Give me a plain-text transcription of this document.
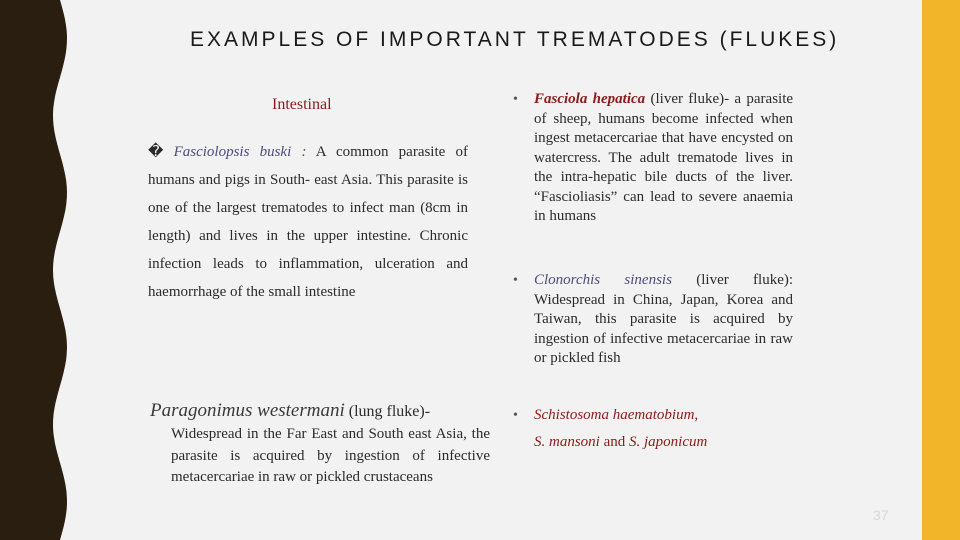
EXAMPLES OF IMPORTANT TREMATODES (FLUKES)
Intestinal
� Fasciolopsis buski : A common parasite of humans and pigs in South- east Asia. This parasite is one of the largest trematodes to infect man (8cm in length) and lives in the upper intestine. Chronic infection leads to inflammation, ulceration and haemorrhage of the small intestine
Paragonimus westermani (lung fluke)-
Widespread in the Far East and South east Asia, the parasite is acquired by ingestion of infective metacercariae in raw or pickled crustaceans
• Fasciola hepatica (liver fluke)- a parasite of sheep, humans become infected when ingest metacercariae that have encysted on watercress. The adult trematode lives in the intra-hepatic bile ducts of the liver. “Fascioliasis” can lead to severe anaemia in humans
• Clonorchis sinensis (liver fluke): Widespread in China, Japan, Korea and Taiwan, this parasite is acquired by ingestion of infective metacercariae in raw or pickled fish
• Schistosoma haematobium,
S. mansoni and S. japonicum
37
